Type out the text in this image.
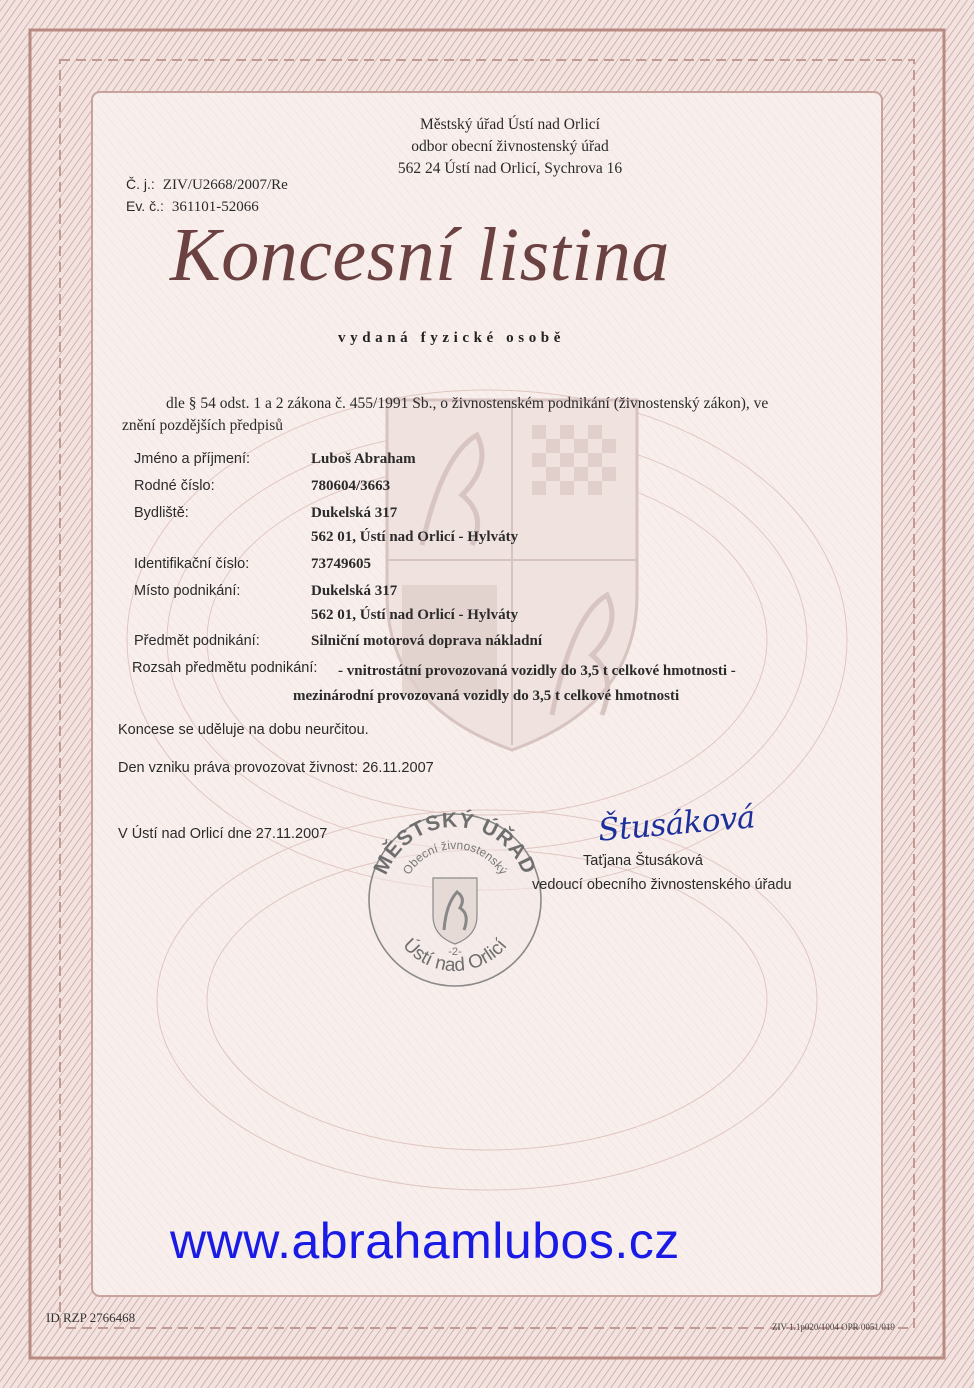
Městský úřad Ústí nad Orlicí
odbor obecní živnostenský úřad
562 24 Ústí nad Orlicí, Sychrova 16
Č. j.: ZIV/U2668/2007/Re
Ev. č.: 361101-52066
Koncesní listina
vydaná fyzické osobě
dle § 54 odst. 1 a 2 zákona č. 455/1991 Sb., o živnostenském podnikání (živnostenský zákon), ve
znění pozdějších předpisů
Jméno a příjmení:	Luboš Abraham
Rodné číslo:	780604/3663
Bydliště:	Dukelská 317
562 01, Ústí nad Orlicí - Hylváty
Identifikační číslo:	73749605
Místo podnikání:	Dukelská 317
562 01, Ústí nad Orlicí - Hylváty
Předmět podnikání:	Silniční motorová doprava nákladní
Rozsah předmětu podnikání: - vnitrostátní provozovaná vozidly do 3,5 t celkové hmotnosti -
mezinárodní provozovaná vozidly do 3,5 t celkové hmotnosti
Koncese se uděluje na dobu neurčitou.
Den vzniku práva provozovat živnost: 26.11.2007
V Ústí nad Orlicí dne 27.11.2007
MĚSTSKÝ ÚŘAD
Obecní živnostenský
-2-
Ústí nad Orlicí
Štusáková
Taťjana Štusáková
vedoucí obecního živnostenského úřadu
www.abrahamlubos.cz
ID RZP 2766468
ZIV 1.1p020/1004 OPR 0051/019
